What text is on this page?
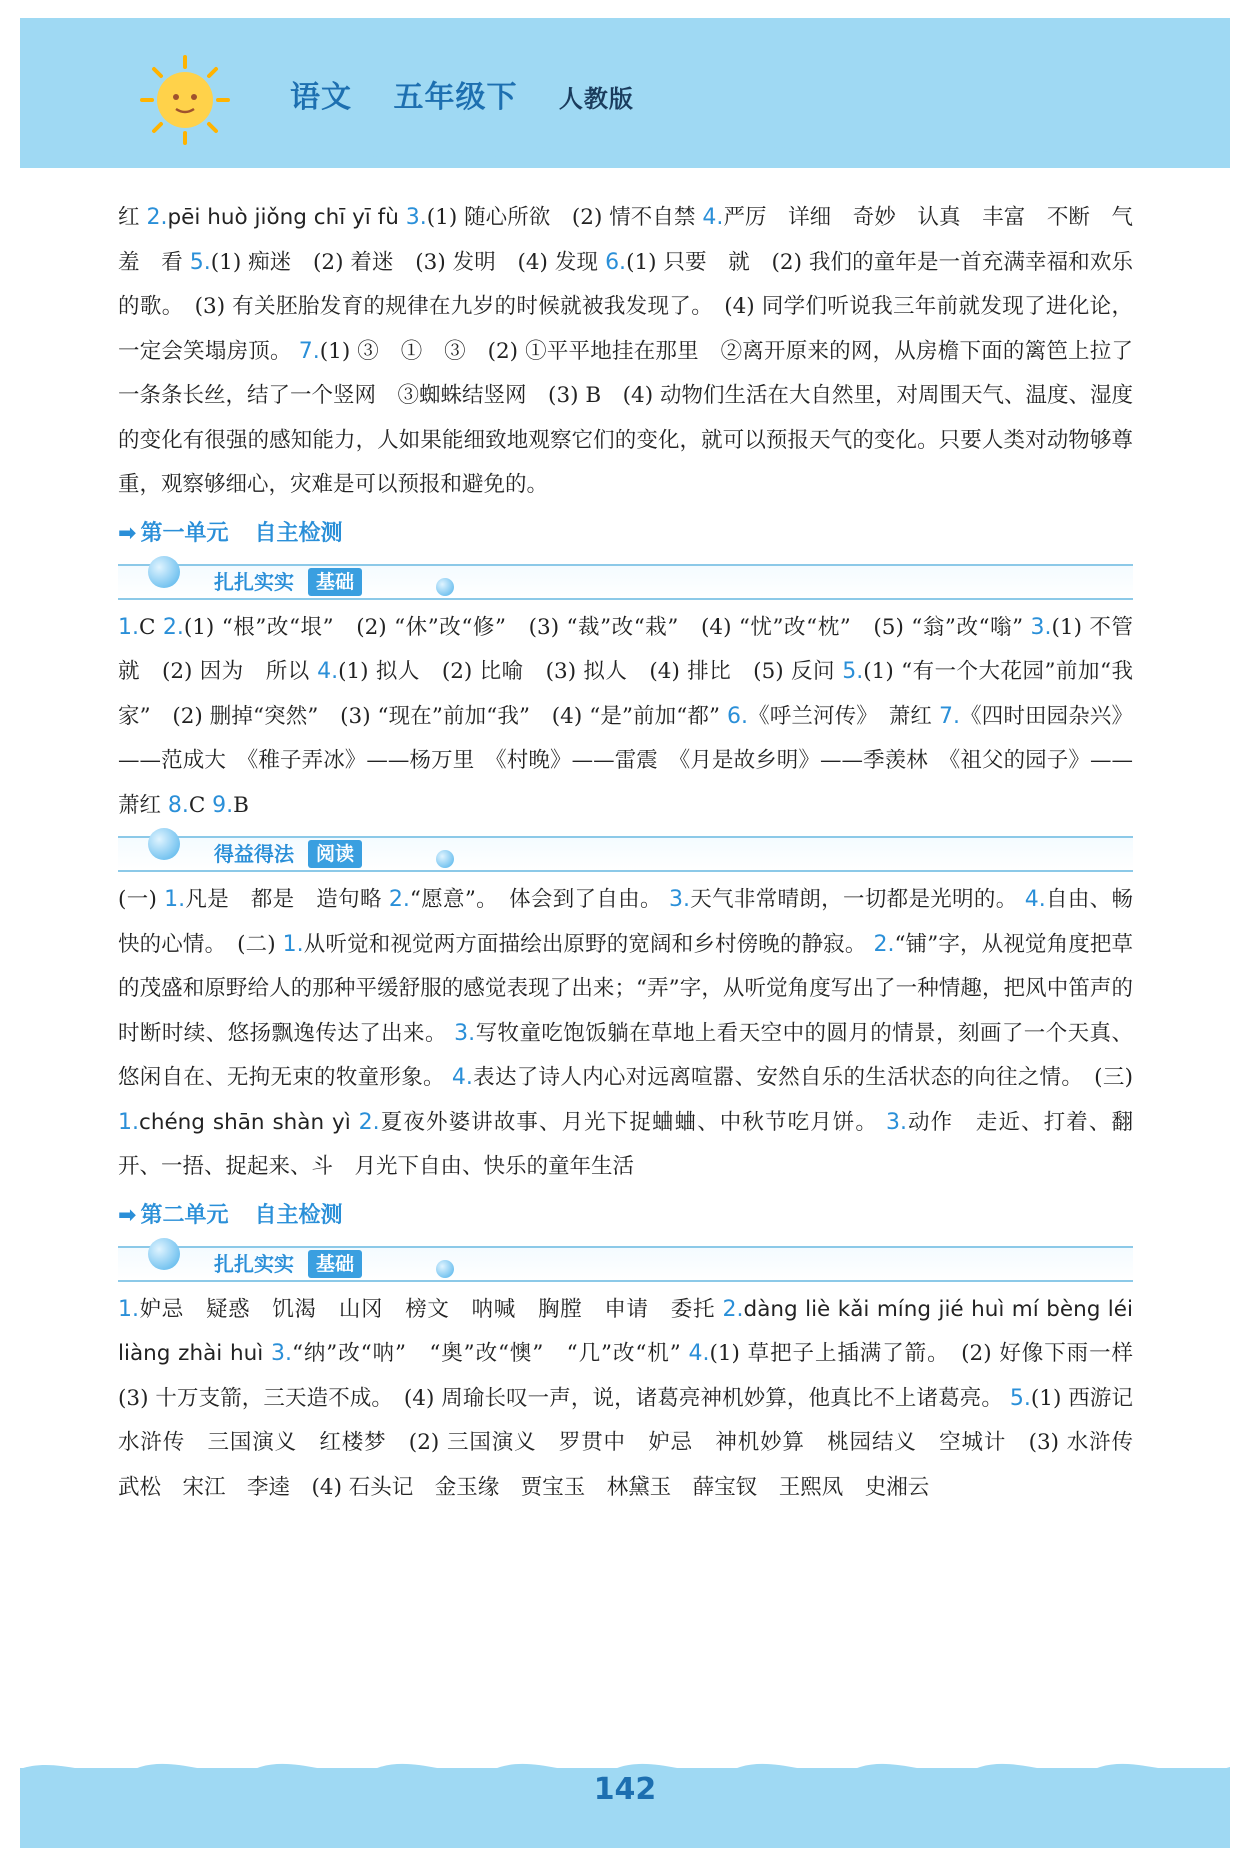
语文 五年级下 人教版

红 2.pēi huò jiǒng chī yī fù 3.(1) 随心所欲　(2) 情不自禁 4.严厉　详细　奇妙　认真　丰富　不断　气　羞　看 5.(1) 痴迷　(2) 着迷　(3) 发明　(4) 发现 6.(1) 只要　就　(2) 我们的童年是一首充满幸福和欢乐的歌。　(3) 有关胚胎发育的规律在九岁的时候就被我发现了。　(4) 同学们听说我三年前就发现了进化论，一定会笑塌房顶。 7.(1) ③　①　③　(2) ①平平地挂在那里　②离开原来的网，从房檐下面的篱笆上拉了一条条长丝，结了一个竖网　③蜘蛛结竖网　(3) B　(4) 动物们生活在大自然里，对周围天气、温度、湿度的变化有很强的感知能力，人如果能细致地观察它们的变化，就可以预报天气的变化。只要人类对动物够尊重，观察够细心，灾难是可以预报和避免的。

➡ 第一单元 自主检测
扎扎实实	基础

1.C 2.(1) “根”改“垠”　(2) “休”改“修”　(3) “裁”改“栽”　(4) “忧”改“枕”　(5) “翁”改“嗡” 3.(1) 不管　就　(2) 因为　所以 4.(1) 拟人　(2) 比喻　(3) 拟人　(4) 排比　(5) 反问 5.(1) “有一个大花园”前加“我家”　(2) 删掉“突然”　(3) “现在”前加“我”　(4) “是”前加“都” 6.《呼兰河传》　萧红 7.《四时田园杂兴》——范成大　《稚子弄冰》——杨万里　《村晚》——雷震　《月是故乡明》——季羡林　《祖父的园子》——萧红 8.C 9.B

得益得法	阅读

(一) 1.凡是　都是　造句略 2.“愿意”。　体会到了自由。 3.天气非常晴朗，一切都是光明的。 4.自由、畅快的心情。　(二) 1.从听觉和视觉两方面描绘出原野的宽阔和乡村傍晚的静寂。 2.“铺”字，从视觉角度把草的茂盛和原野给人的那种平缓舒服的感觉表现了出来；“弄”字，从听觉角度写出了一种情趣，把风中笛声的时断时续、悠扬飘逸传达了出来。 3.写牧童吃饱饭躺在草地上看天空中的圆月的情景，刻画了一个天真、悠闲自在、无拘无束的牧童形象。 4.表达了诗人内心对远离喧嚣、安然自乐的生活状态的向往之情。　(三) 1.chéng shān shàn yì 2.夏夜外婆讲故事、月光下捉蛐蛐、中秋节吃月饼。 3.动作　走近、打着、翻开、一捂、捉起来、斗　月光下自由、快乐的童年生活

➡ 第二单元 自主检测
扎扎实实	基础

1.妒忌　疑惑　饥渴　山冈　榜文　呐喊　胸膛　申请　委托 2.dàng liè kǎi míng jié huì mí bèng léi liàng zhài huì 3.“纳”改“呐”　“奥”改“懊”　“几”改“机” 4.(1) 草把子上插满了箭。　(2) 好像下雨一样　(3) 十万支箭，三天造不成。　(4) 周瑜长叹一声，说，诸葛亮神机妙算，他真比不上诸葛亮。 5.(1) 西游记　水浒传　三国演义　红楼梦　(2) 三国演义　罗贯中　妒忌　神机妙算　桃园结义　空城计　(3) 水浒传　武松　宋江　李逵　(4) 石头记　金玉缘　贾宝玉　林黛玉　薛宝钗　王熙凤　史湘云

142
